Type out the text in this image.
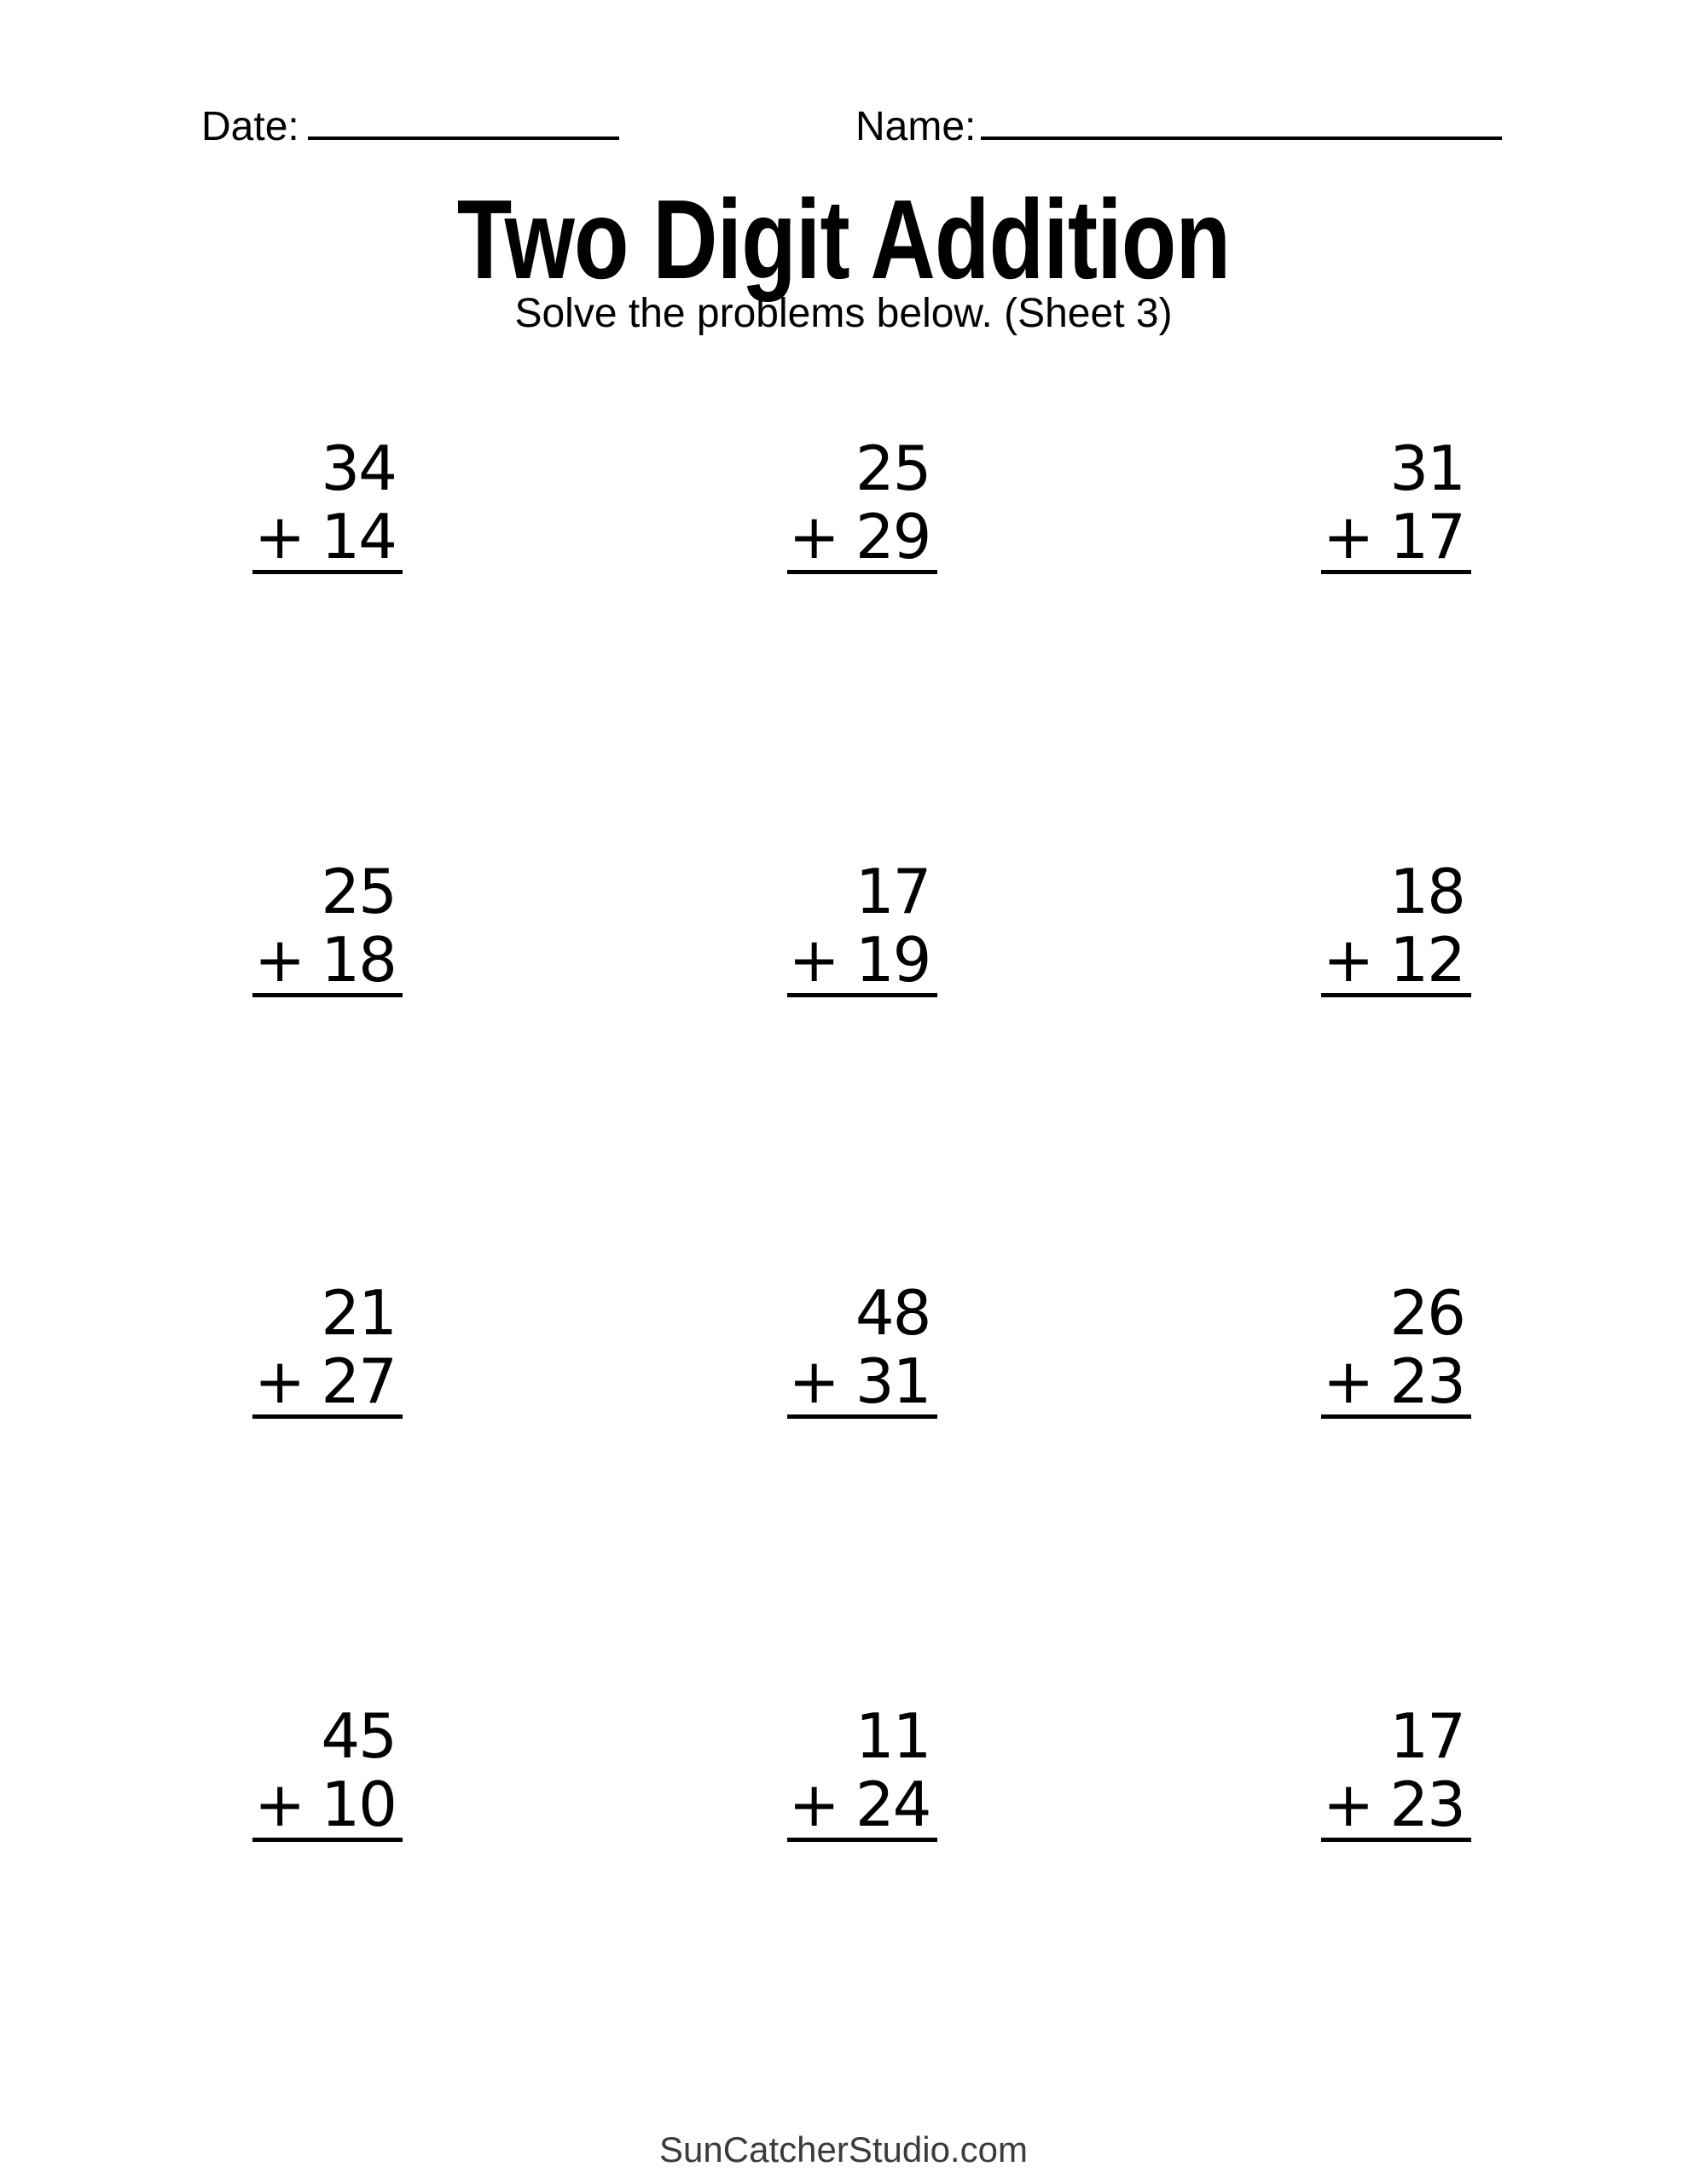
Date:	Name:
Two Digit Addition
Solve the problems below. (Sheet 3)
34
+ 14
25
+ 29
31
+ 17
25
+ 18
17
+ 19
18
+ 12
21
+ 27
48
+ 31
26
+ 23
45
+ 10
11
+ 24
17
+ 23
SunCatcherStudio.com
